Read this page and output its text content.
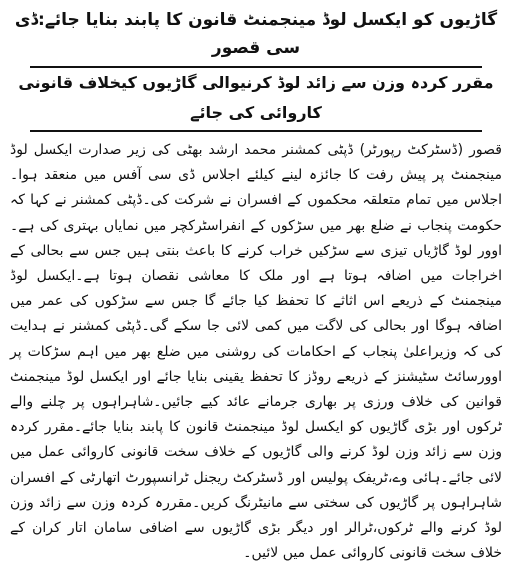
گاڑیوں کو ایکسل لوڈ مینجمنٹ قانون کا پابند بنایا جائے:ڈی سی قصور
مقرر کردہ وزن سے زائد لوڈ کرنیوالی گاڑیوں کیخلاف قانونی کاروائی کی جائے

قصور (ڈسٹرکٹ رپورٹر) ڈپٹی کمشنر محمد ارشد بھٹی کی زیر صدارت ایکسل لوڈ مینجمنٹ پر پیش رفت کا جائزہ لینے کیلئے اجلاس ڈی سی آفس میں منعقد ہوا۔اجلاس میں تمام متعلقہ محکموں کے افسران نے شرکت کی۔ڈپٹی کمشنر نے کہا کہ حکومت پنجاب نے ضلع بھر میں سڑکوں کے انفراسٹرکچر میں نمایاں بہتری کی ہے۔اوور لوڈ گاڑیاں تیزی سے سڑکیں خراب کرنے کا باعث بنتی ہیں جس سے بحالی کے اخراجات میں اضافہ ہوتا ہے اور ملک کا معاشی نقصان ہوتا ہے۔ایکسل لوڈ مینجمنٹ کے ذریعے اس اثاثے کا تحفظ کیا جائے گا جس سے سڑکوں کی عمر میں اضافہ ہوگا اور بحالی کی لاگت میں کمی لائی جا سکے گی۔ڈپٹی کمشنر نے ہدایت کی کہ وزیراعلیٰ پنجاب کے احکامات کی روشنی میں ضلع بھر میں اہم سڑکات پر اوورسائٹ سٹیشنز کے ذریعے روڈز کا تحفظ یقینی بنایا جائے اور ایکسل لوڈ مینجمنٹ قوانین کی خلاف ورزی پر بھاری جرمانے عائد کیے جائیں۔شاہراہوں پر چلنے والے ٹرکوں اور بڑی گاڑیوں کو ایکسل لوڈ مینجمنٹ قانون کا پابند بنایا جائے۔مقرر کردہ وزن سے زائد وزن لوڈ کرنے والی گاڑیوں کے خلاف سخت قانونی کاروائی عمل میں لائی جائے۔ہائی وے،ٹریفک پولیس اور ڈسٹرکٹ ریجنل ٹرانسپورٹ اتھارٹی کے افسران شاہراہوں پر گاڑیوں کی سختی سے مانیٹرنگ کریں۔مقررہ کردہ وزن سے زائد وزن لوڈ کرنے والے ٹرکوں،ٹرالر اور دیگر بڑی گاڑیوں سے اضافی سامان اتار کران کے خلاف سخت قانونی کاروائی عمل میں لائیں۔
